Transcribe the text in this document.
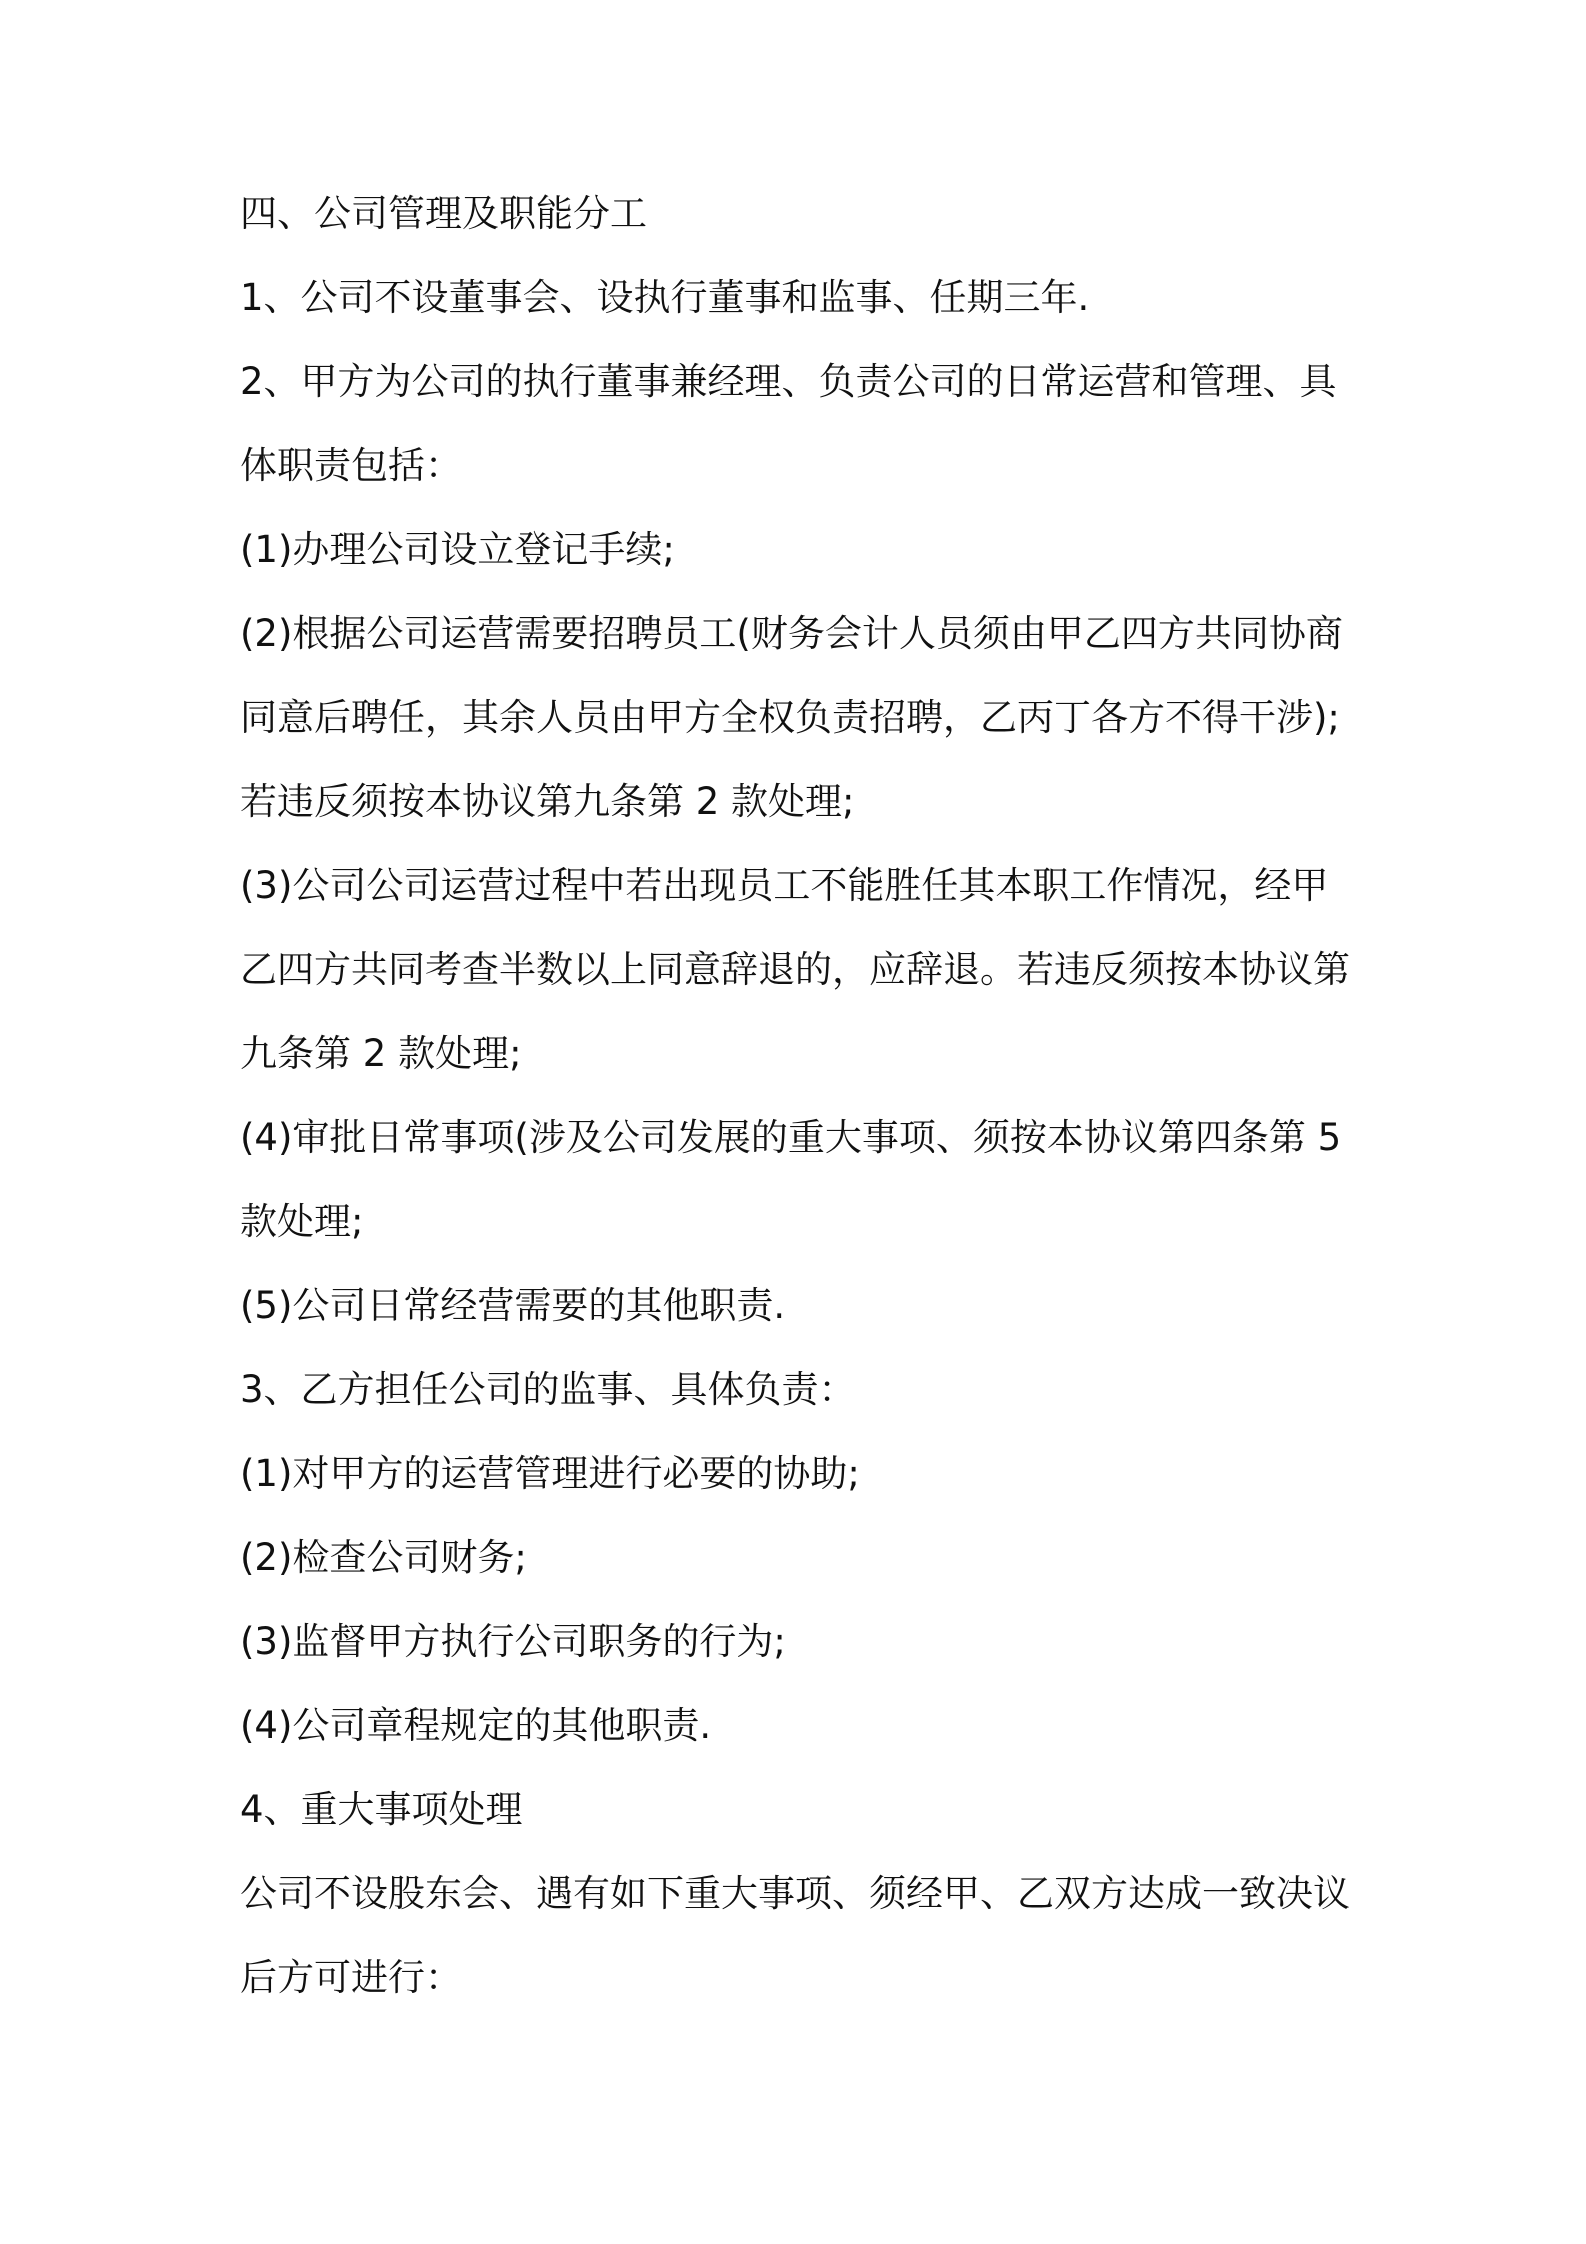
四、公司管理及职能分工
1、公司不设董事会、设执行董事和监事、任期三年.
2、甲方为公司的执行董事兼经理、负责公司的日常运营和管理、具
体职责包括：
(1)办理公司设立登记手续;
(2)根据公司运营需要招聘员工(财务会计人员须由甲乙四方共同协商
同意后聘任，其余人员由甲方全权负责招聘，乙丙丁各方不得干涉);
若违反须按本协议第九条第 2 款处理;
(3)公司公司运营过程中若出现员工不能胜任其本职工作情况，经甲
乙四方共同考查半数以上同意辞退的，应辞退。若违反须按本协议第
九条第 2 款处理;
(4)审批日常事项(涉及公司发展的重大事项、须按本协议第四条第 5
款处理;
(5)公司日常经营需要的其他职责.
3、乙方担任公司的监事、具体负责：
(1)对甲方的运营管理进行必要的协助;
(2)检查公司财务;
(3)监督甲方执行公司职务的行为;
(4)公司章程规定的其他职责.
4、重大事项处理
公司不设股东会、遇有如下重大事项、须经甲、乙双方达成一致决议
后方可进行：
